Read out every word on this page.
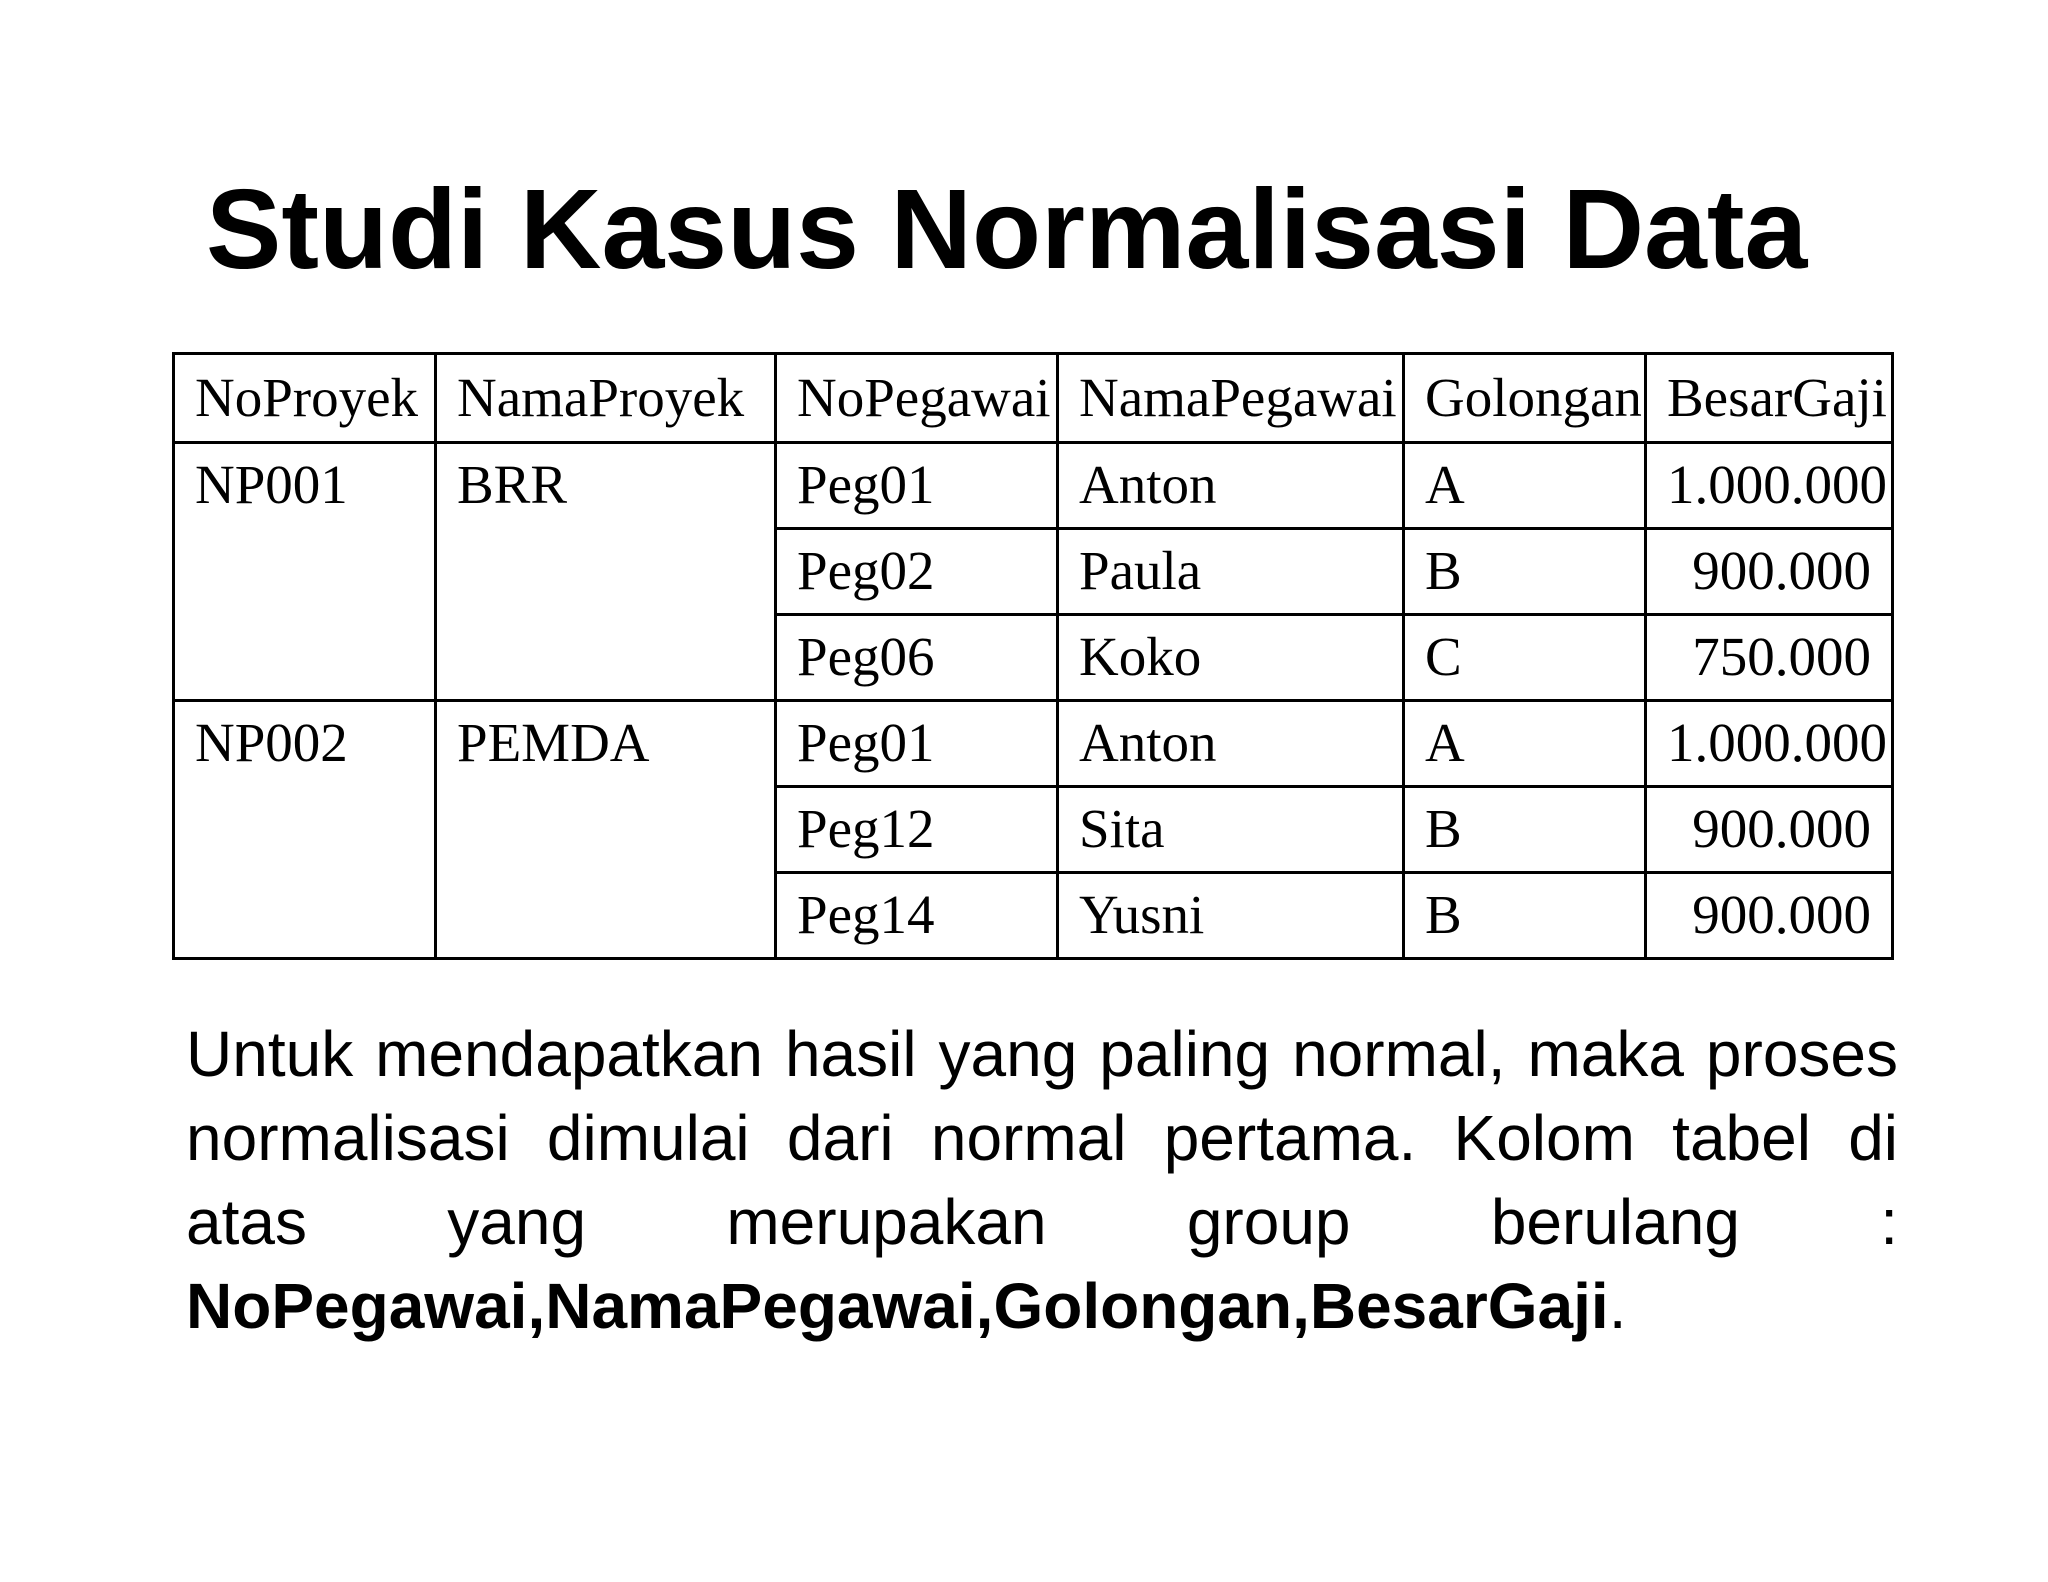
Studi Kasus Normalisasi Data
NoProyek	NamaProyek	NoPegawai	NamaPegawai	Golongan	BesarGaji
NP001	BRR	Peg01	Anton	A	1.000.000
		Peg02	Paula	B	900.000
		Peg06	Koko	C	750.000
NP002	PEMDA	Peg01	Anton	A	1.000.000
		Peg12	Sita	B	900.000
		Peg14	Yusni	B	900.000

Untuk mendapatkan hasil yang paling normal, maka proses normalisasi dimulai dari normal pertama. Kolom tabel di atas yang merupakan group berulang : NoPegawai,NamaPegawai,Golongan,BesarGaji.
